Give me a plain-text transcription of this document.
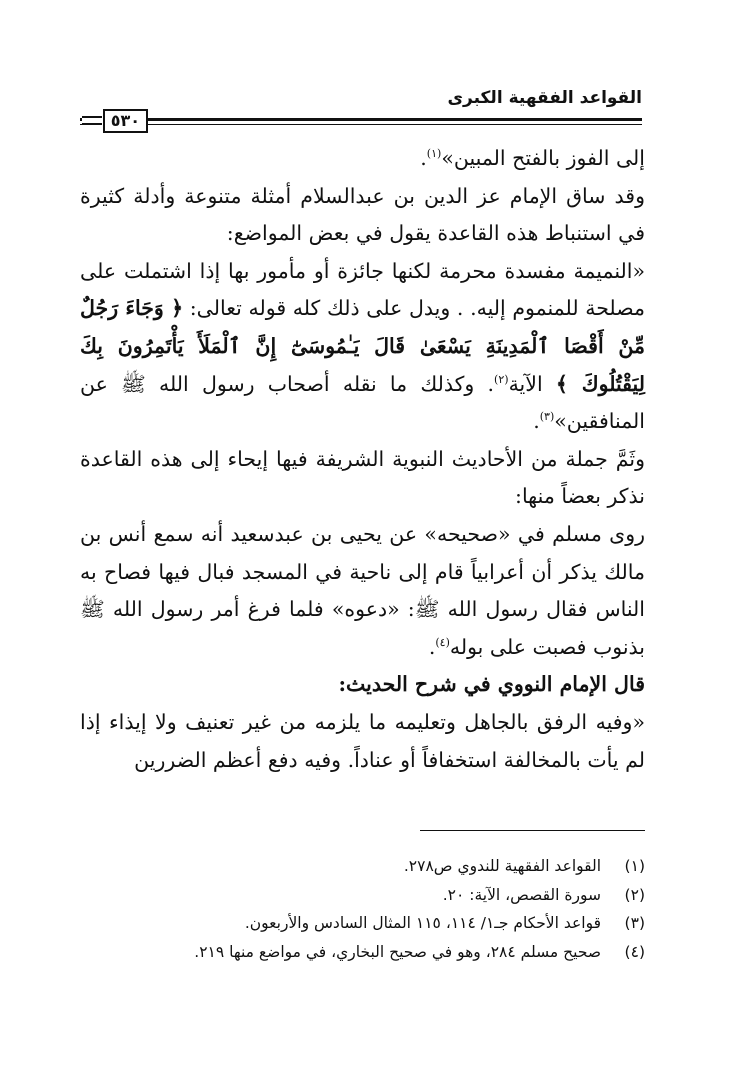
القواعد الفقهية الكبرى
٥٣٠

إلى الفوز بالفتح المبين»$^{(١)}$.

وقد ساق الإمام عز الدين بن عبدالسلام أمثلة متنوعة وأدلة كثيرة في استنباط هذه القاعدة يقول في بعض المواضع:

«النميمة مفسدة محرمة لكنها جائزة أو مأمور بها إذا اشتملت على مصلحة للمنموم إليه. . ويدل على ذلك كله قوله تعالى: ﴿ وَجَاءَ رَجُلٌ مِّنْ أَقْصَا ٱلْمَدِينَةِ يَسْعَىٰ قَالَ يَـٰمُوسَىٰٓ إِنَّ ٱلْمَلَأَ يَأْتَمِرُونَ بِكَ لِيَقْتُلُوكَ ﴾ الآية$^{(٢)}$. وكذلك ما نقله أصحاب رسول الله ﷺ عن المنافقين»$^{(٣)}$.

وثَمَّ جملة من الأحاديث النبوية الشريفة فيها إيحاء إلى هذه القاعدة نذكر بعضاً منها:

روى مسلم في «صحيحه» عن يحيى بن عبدسعيد أنه سمع أنس بن مالك يذكر أن أعرابياً قام إلى ناحية في المسجد فبال فيها فصاح به الناس فقال رسول الله ﷺ: «دعوه» فلما فرغ أمر رسول الله ﷺ بذنوب فصبت على بوله$^{(٤)}$.

قال الإمام النووي في شرح الحديث:

«وفيه الرفق بالجاهل وتعليمه ما يلزمه من غير تعنيف ولا إيذاء إذا لم يأت بالمخالفة استخفافاً أو عناداً. وفيه دفع أعظم الضررين

(١)
القواعد الفقهية للندوي ص٢٧٨.
(٢)
سورة القصص، الآية: ٢٠.
(٣)
قواعد الأحكام جـ١/ ١١٤، ١١٥ المثال السادس والأربعون.
(٤)
صحيح مسلم ٢٨٤، وهو في صحيح البخاري، في مواضع منها ٢١٩.
